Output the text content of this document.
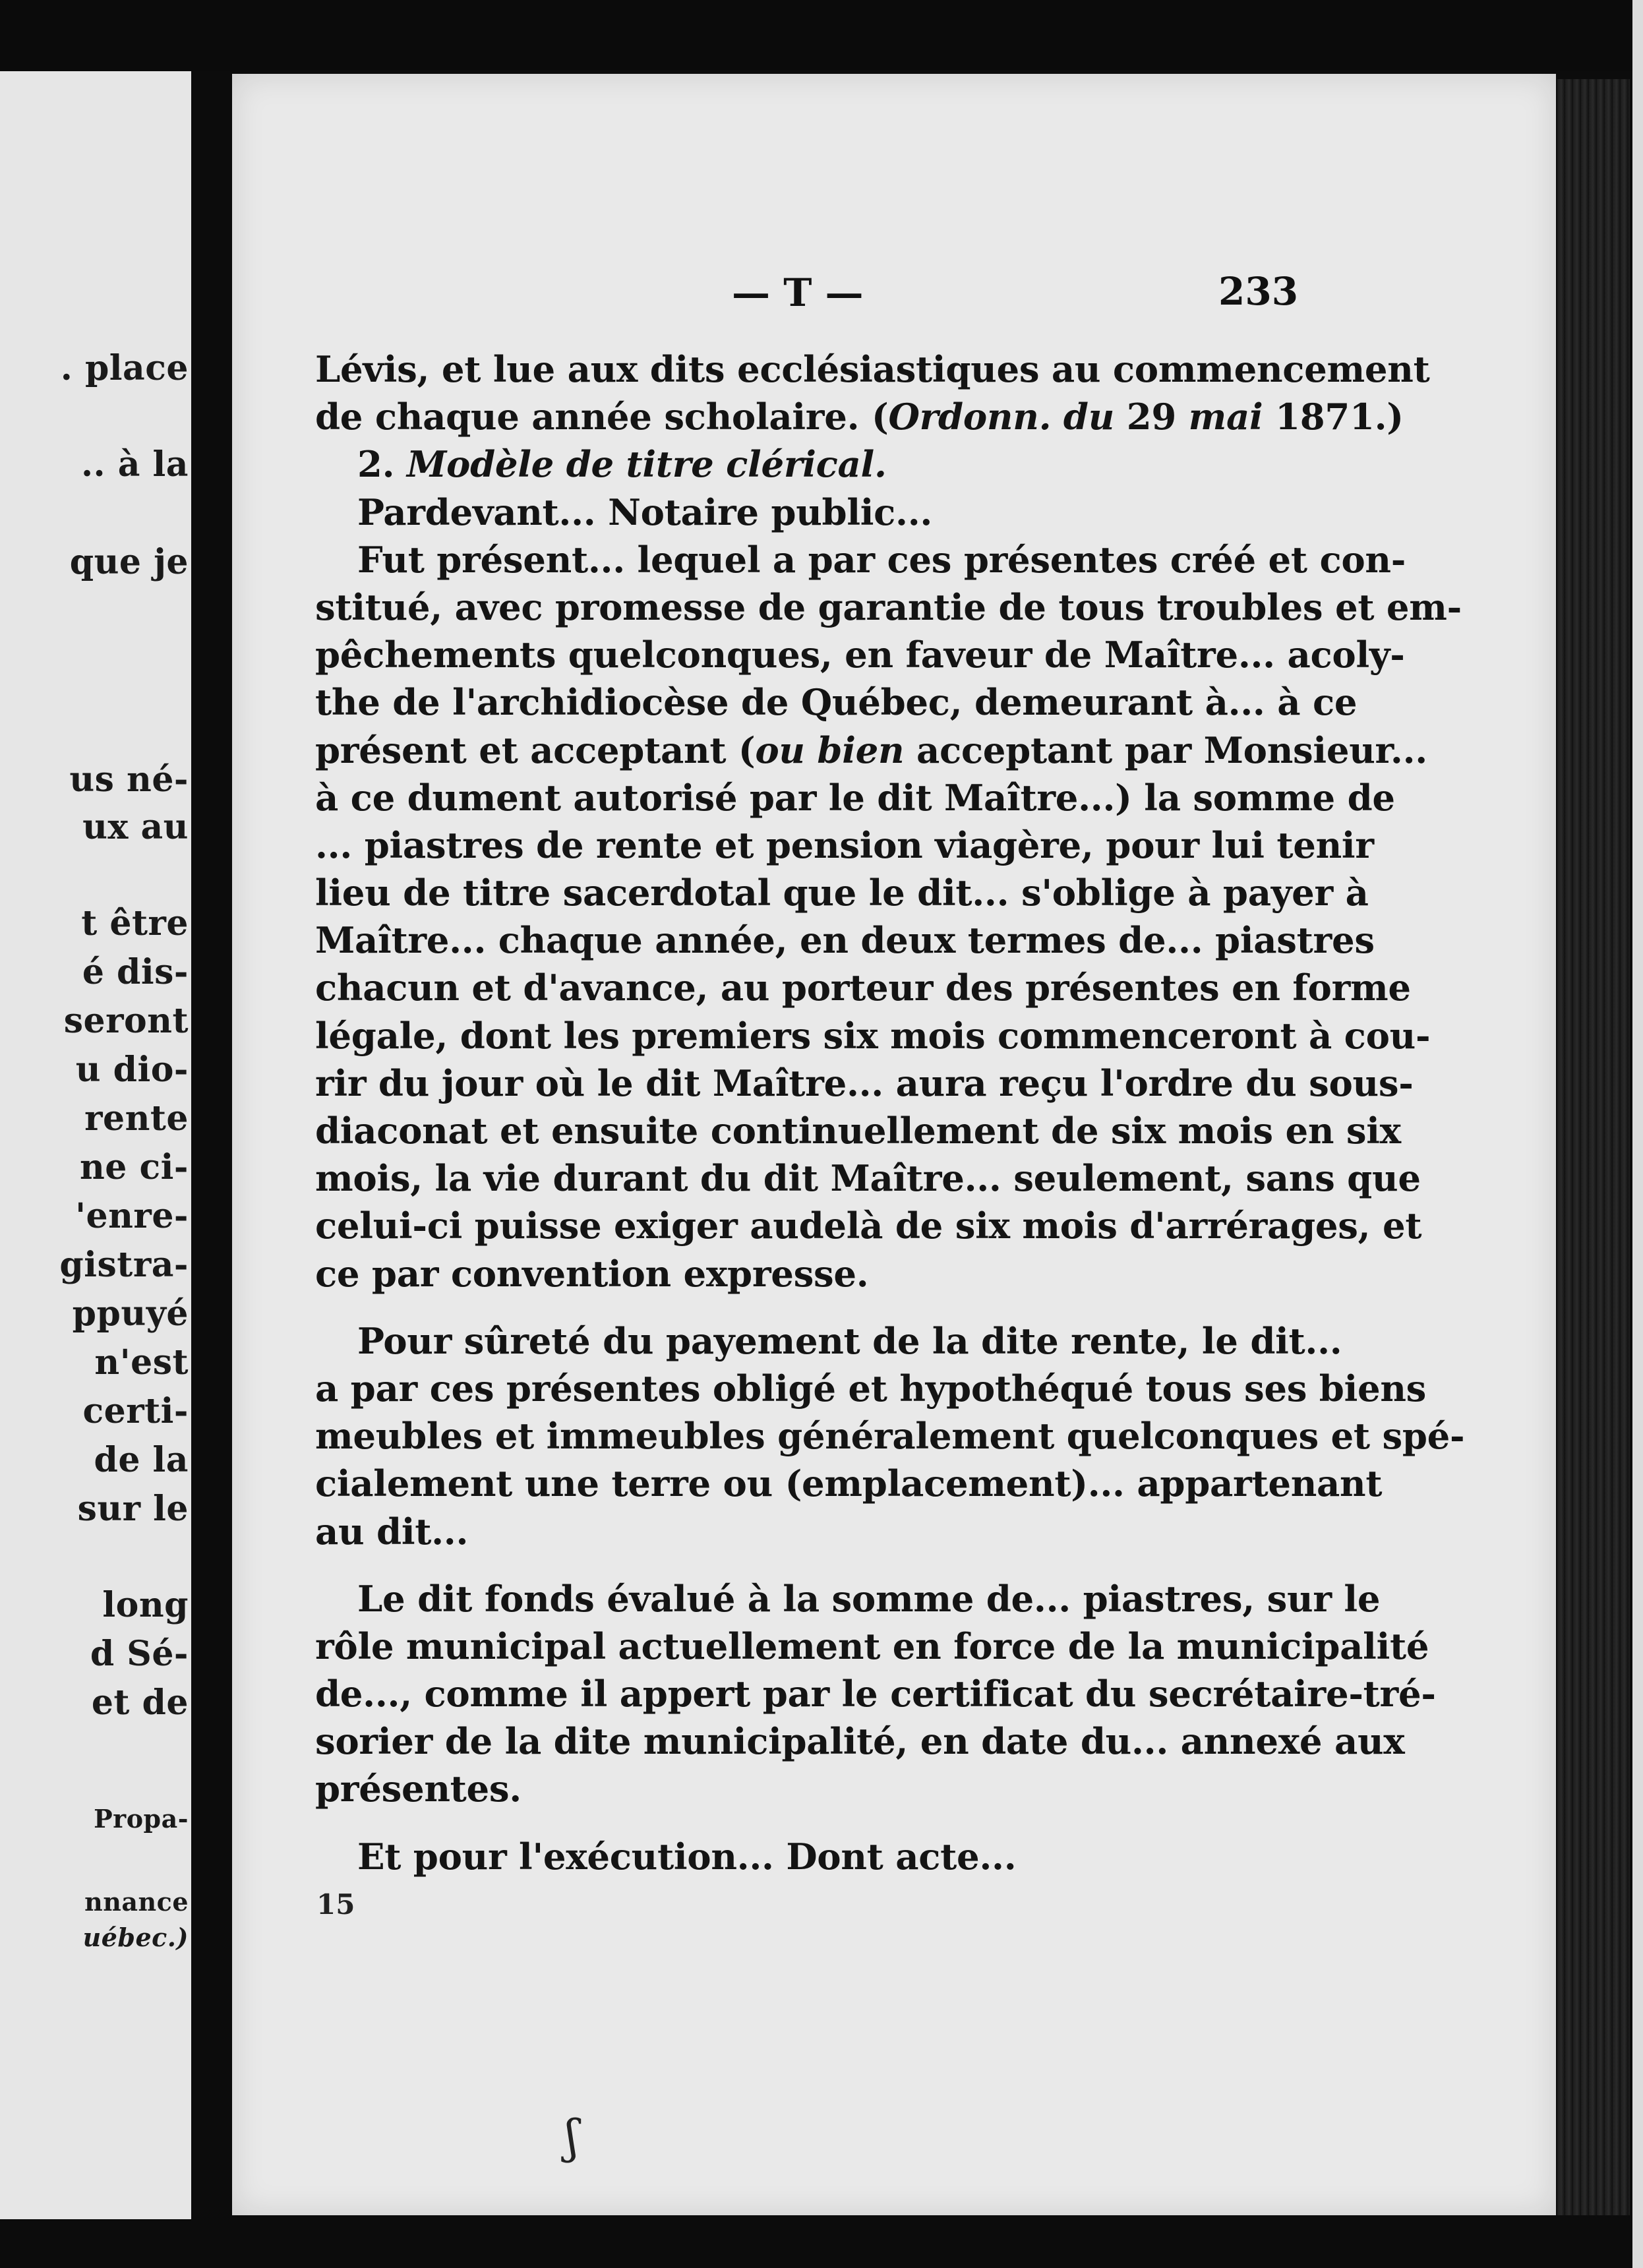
. place
.. à la
que je
us né-
ux au
t être
é dis-
seront
u dio-
rente
ne ci-
'enre-
gistra-
ppuyé
n'est
certi-
de la
sur le
long
d Sé-
et de
Propa-
nnance
uébec.)
— T —	233
Lévis, et lue aux dits ecclésiastiques au commencement
de chaque année scholaire. (Ordonn. du 29 mai 1871.)
2. Modèle de titre clérical.
Pardevant... Notaire public...
Fut présent... lequel a par ces présentes créé et con-
stitué, avec promesse de garantie de tous troubles et em-
pêchements quelconques, en faveur de Maître... acoly-
the de l'archidiocèse de Québec, demeurant à... à ce
présent et acceptant (ou bien acceptant par Monsieur...
à ce dument autorisé par le dit Maître...) la somme de
... piastres de rente et pension viagère, pour lui tenir
lieu de titre sacerdotal que le dit... s'oblige à payer à
Maître... chaque année, en deux termes de... piastres
chacun et d'avance, au porteur des présentes en forme
légale, dont les premiers six mois commenceront à cou-
rir du jour où le dit Maître... aura reçu l'ordre du sous-
diaconat et ensuite continuellement de six mois en six
mois, la vie durant du dit Maître... seulement, sans que
celui-ci puisse exiger audelà de six mois d'arrérages, et
ce par convention expresse.
Pour sûreté du payement de la dite rente, le dit...
a par ces présentes obligé et hypothéqué tous ses biens
meubles et immeubles généralement quelconques et spé-
cialement une terre ou (emplacement)... appartenant
au dit...
Le dit fonds évalué à la somme de... piastres, sur le
rôle municipal actuellement en force de la municipalité
de..., comme il appert par le certificat du secrétaire-tré-
sorier de la dite municipalité, en date du... annexé aux
présentes.
Et pour l'exécution... Dont acte...
15
ʃ
